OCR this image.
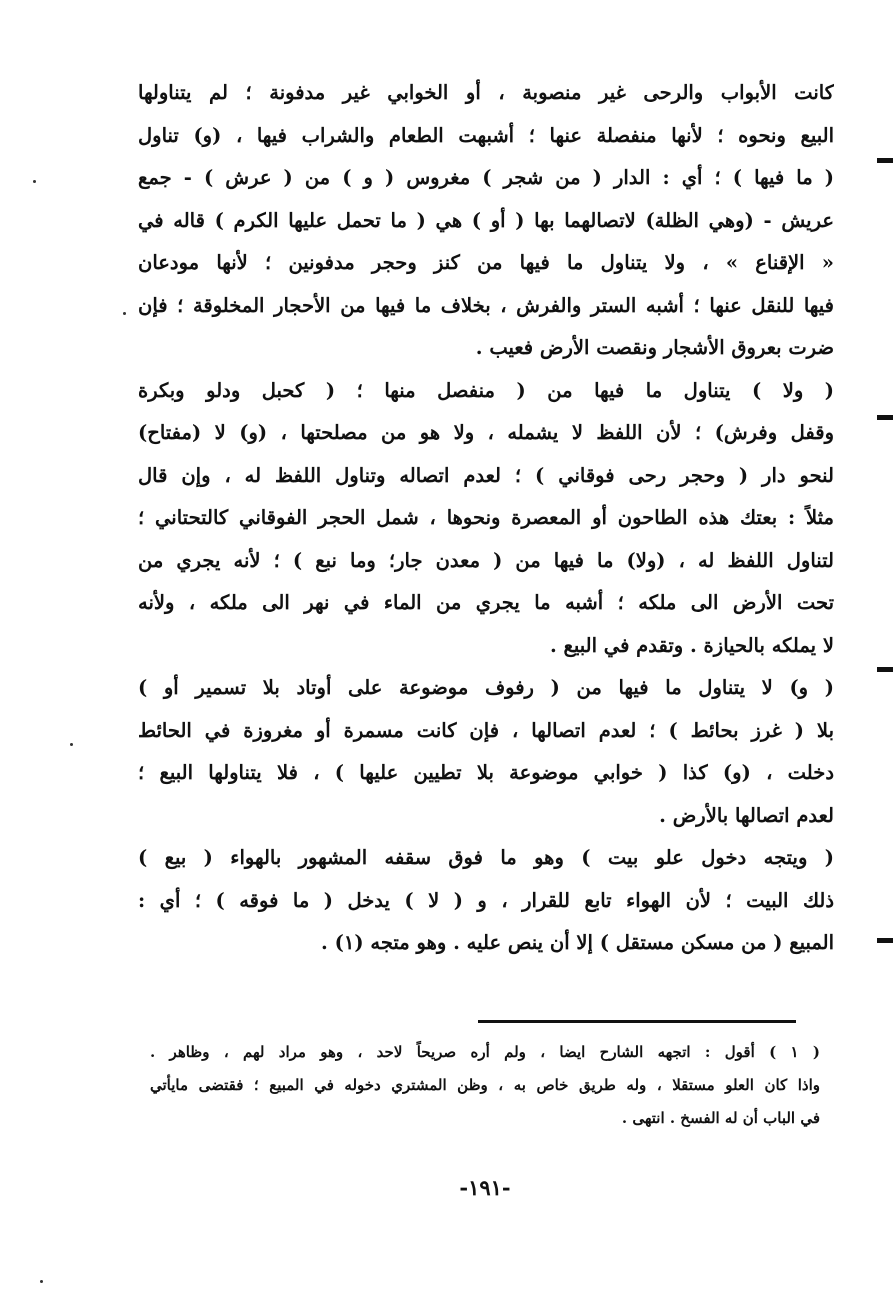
كانت الأبواب والرحى غير منصوبة ، أو الخوابي غير مدفونة ؛ لم يتناولها
البيع ونحوه ؛ لأنها منفصلة عنها ؛ أشبهت الطعام والشراب فيها ، (و) تناول
( ما فيها ) ؛ أي : الدار ( من شجر ) مغروس ( و ) من ( عرش ) - جمع
عريش - (وهي الظلة) لاتصالهما بها ( أو ) هي ( ما تحمل عليها الكرم ) قاله في
« الإقناع » ، ولا يتناول ما فيها من كنز وحجر مدفونين ؛ لأنها مودعان
فيها للنقل عنها ؛ أشبه الستر والفرش ، بخلاف ما فيها من الأحجار المخلوقة ؛ فإن
ضرت بعروق الأشجار ونقصت الأرض فعيب .
( ولا ) يتناول ما فيها من ( منفصل منها ؛ ( كحبل ودلو وبكرة
وقفل وفرش) ؛ لأن اللفظ لا يشمله ، ولا هو من مصلحتها ، (و) لا (مفتاح)
لنحو دار ( وحجر رحى فوقاني ) ؛ لعدم اتصاله وتناول اللفظ له ، وإن قال
مثلاً : بعتك هذه الطاحون أو المعصرة ونحوها ، شمل الحجر الفوقاني كالتحتاني ؛
لتناول اللفظ له ، (ولا) ما فيها من ( معدن جار؛ وما نبع ) ؛ لأنه يجري من
تحت الأرض الى ملكه ؛ أشبه ما يجري من الماء في نهر الى ملكه ، ولأنه
لا يملكه بالحيازة . وتقدم في البيع .
( و) لا يتناول ما فيها من ( رفوف موضوعة على أوتاد بلا تسمير أو )
بلا ( غرز بحائط ) ؛ لعدم اتصالها ، فإن كانت مسمرة أو مغروزة في الحائط
دخلت ، (و) كذا ( خوابي موضوعة بلا تطيين عليها ) ، فلا يتناولها البيع ؛
لعدم اتصالها بالأرض .
( ويتجه دخول علو بيت ) وهو ما فوق سقفه المشهور بالهواء ( بيع )
ذلك البيت ؛ لأن الهواء تابع للقرار ، و ( لا ) يدخل ( ما فوقه ) ؛ أي :
المبيع ( من مسكن مستقل ) إلا أن ينص عليه . وهو متجه (١) .
( ١ ) أقول : اتجهه الشارح ايضا ، ولم أره صريحاً لاحد ، وهو مراد لهم ، وظاهر .
واذا كان العلو مستقلا ، وله طريق خاص به ، وظن المشتري دخوله في المبيع ؛ فقتضى مايأتي
في الباب أن له الفسخ . انتهى .
-١٩١-
